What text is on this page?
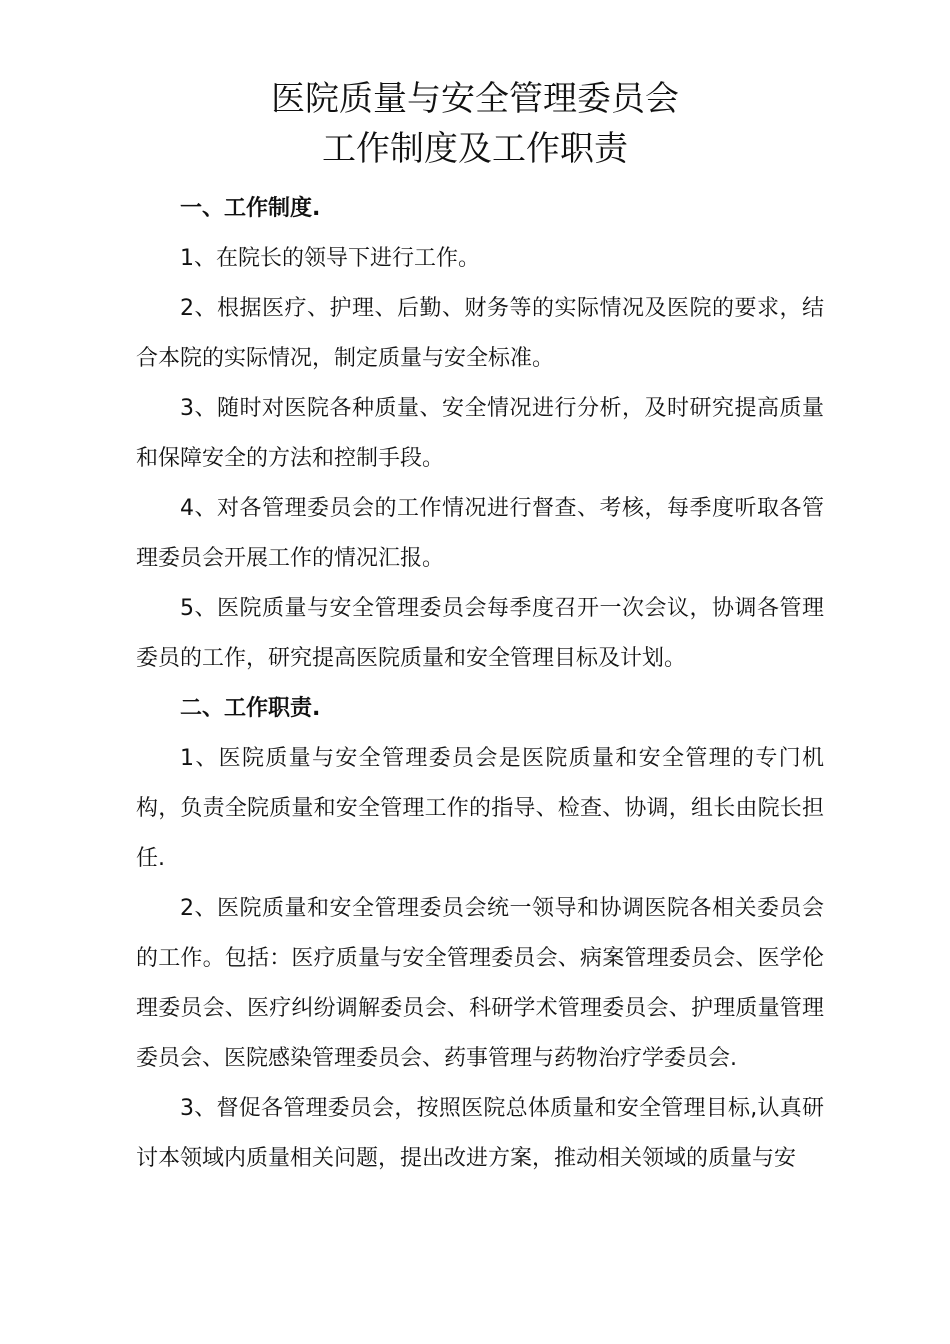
医院质量与安全管理委员会
工作制度及工作职责

一、工作制度.

1、在院长的领导下进行工作。

2、根据医疗、护理、后勤、财务等的实际情况及医院的要求，结合本院的实际情况，制定质量与安全标准。

3、随时对医院各种质量、安全情况进行分析，及时研究提高质量和保障安全的方法和控制手段。

4、对各管理委员会的工作情况进行督查、考核，每季度听取各管理委员会开展工作的情况汇报。

5、医院质量与安全管理委员会每季度召开一次会议，协调各管理委员的工作，研究提高医院质量和安全管理目标及计划。

二、工作职责.

1、医院质量与安全管理委员会是医院质量和安全管理的专门机构，负责全院质量和安全管理工作的指导、检查、协调，组长由院长担任.

2、医院质量和安全管理委员会统一领导和协调医院各相关委员会的工作。包括：医疗质量与安全管理委员会、病案管理委员会、医学伦理委员会、医疗纠纷调解委员会、科研学术管理委员会、护理质量管理委员会、医院感染管理委员会、药事管理与药物治疗学委员会.

3、督促各管理委员会，按照医院总体质量和安全管理目标,认真研讨本领域内质量相关问题，提出改进方案，推动相关领域的质量与安
